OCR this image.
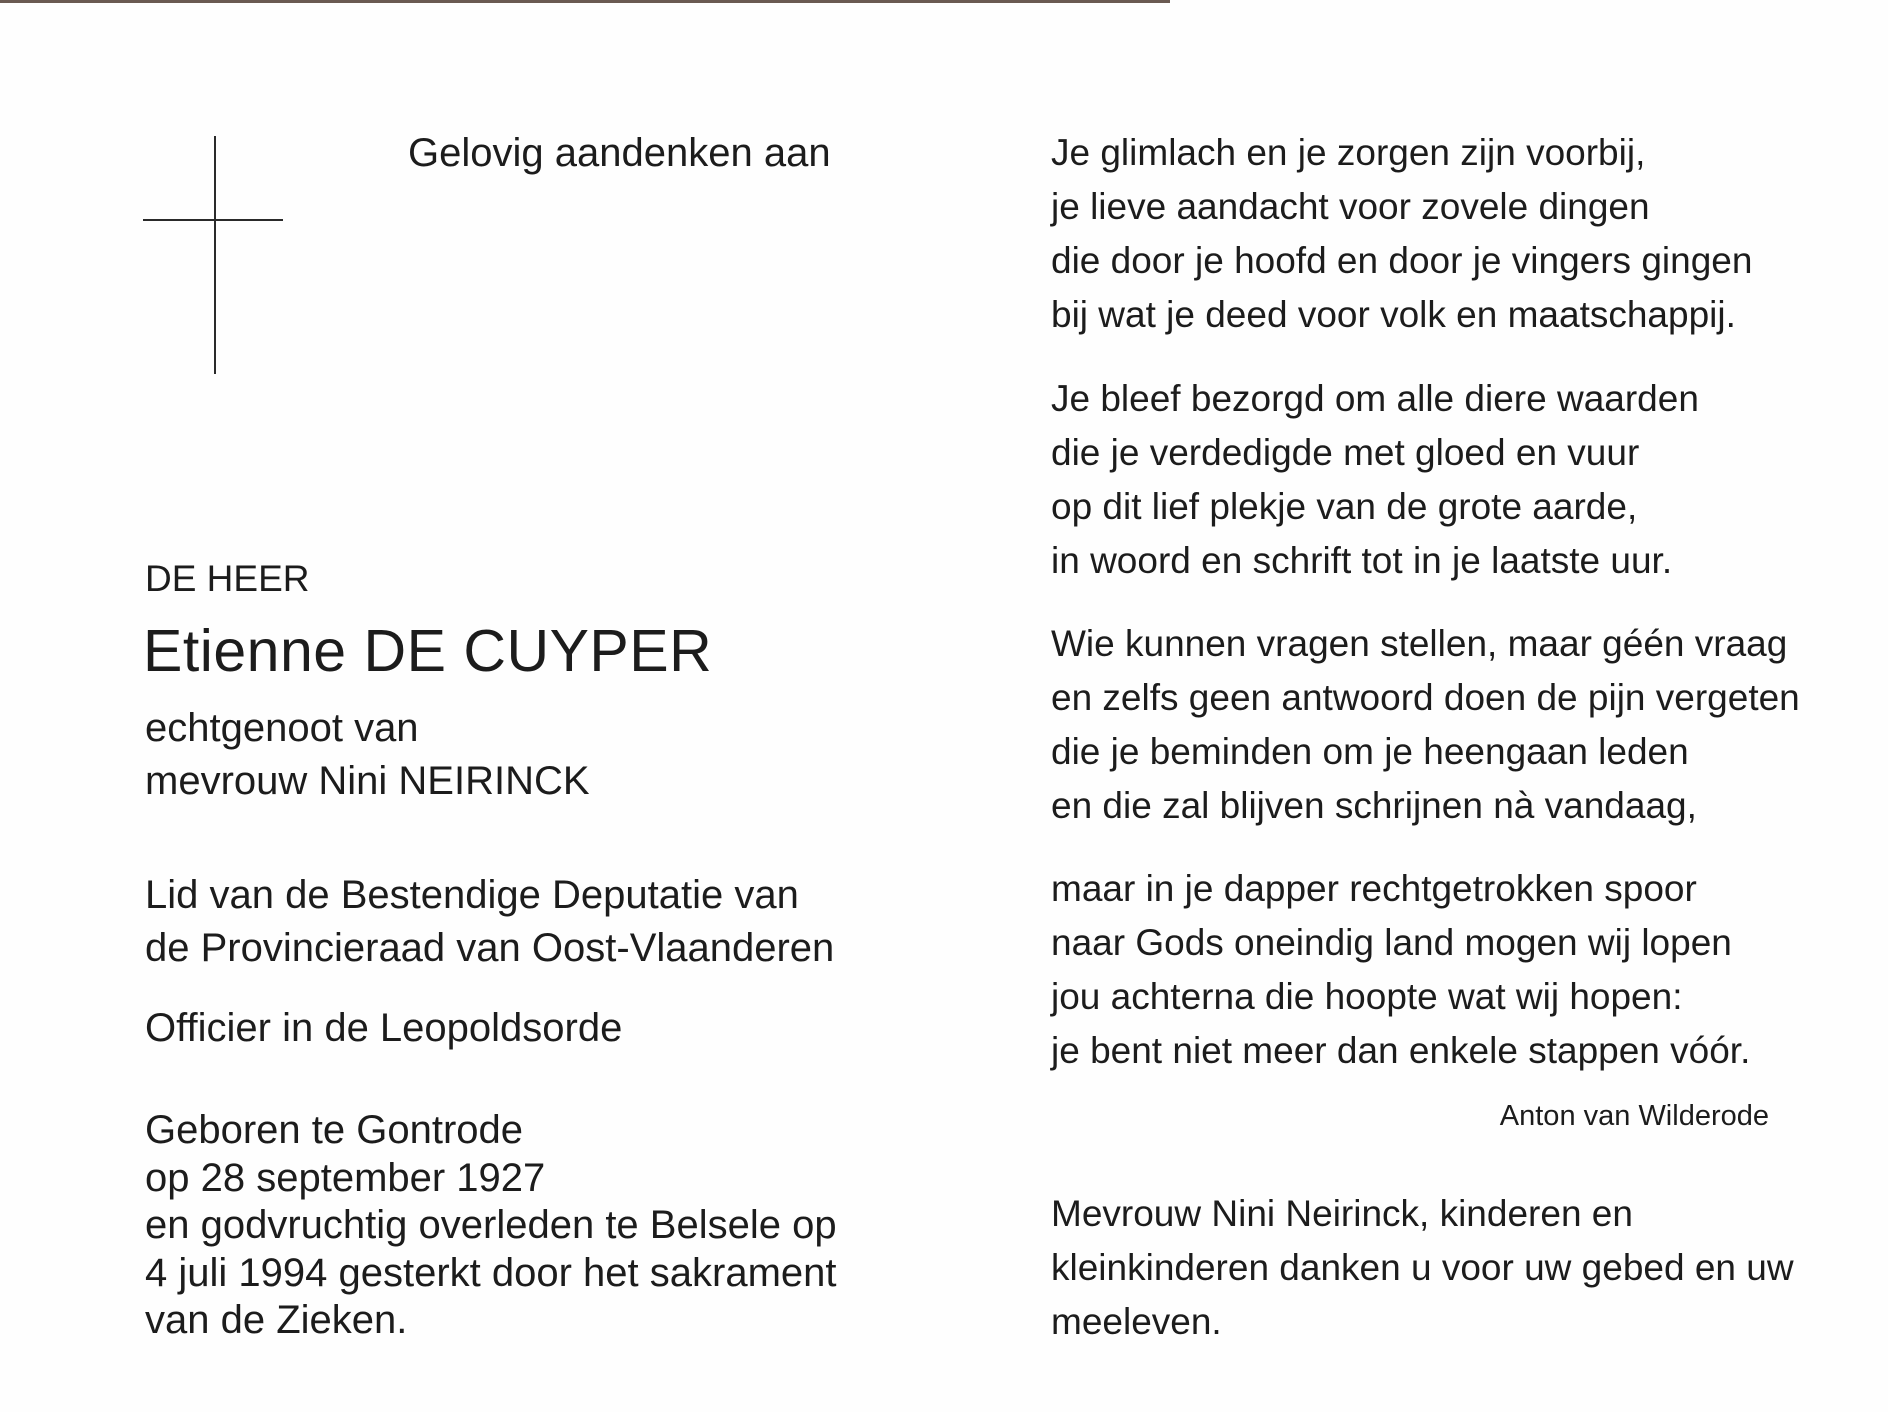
Gelovig aandenken aan

DE HEER

Etienne DE CUYPER

echtgenoot van
mevrouw Nini NEIRINCK
Lid van de Bestendige Deputatie van
de Provincieraad van Oost-Vlaanderen
Officier in de Leopoldsorde
Geboren te Gontrode
op 28 september 1927
en godvruchtig overleden te Belsele op
4 juli 1994 gesterkt door het sakrament
van de Zieken.
Je glimlach en je zorgen zijn voorbij,
je lieve aandacht voor zovele dingen
die door je hoofd en door je vingers gingen
bij wat je deed voor volk en maatschappij.
Je bleef bezorgd om alle diere waarden
die je verdedigde met gloed en vuur
op dit lief plekje van de grote aarde,
in woord en schrift tot in je laatste uur.
Wie kunnen vragen stellen, maar géén vraag
en zelfs geen antwoord doen de pijn vergeten
die je beminden om je heengaan leden
en die zal blijven schrijnen nà vandaag,
maar in je dapper rechtgetrokken spoor
naar Gods oneindig land mogen wij lopen
jou achterna die hoopte wat wij hopen:
je bent niet meer dan enkele stappen vóór.
Anton van Wilderode
Mevrouw Nini Neirinck, kinderen en
kleinkinderen danken u voor uw gebed en uw
meeleven.
